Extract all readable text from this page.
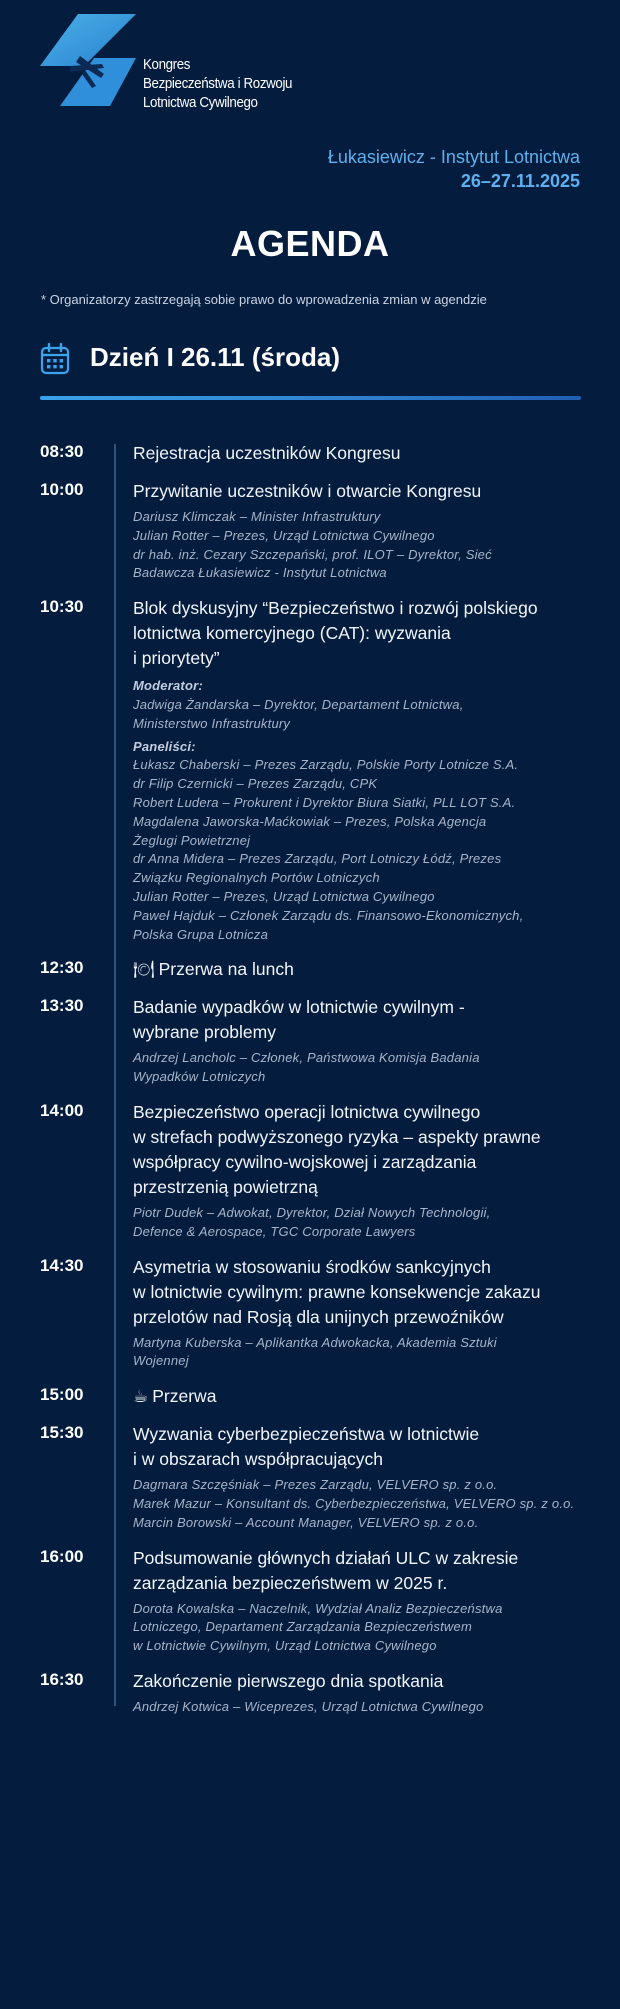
Kongres
Bezpieczeństwa i Rozwoju
Lotnictwa Cywilnego
Łukasiewicz - Instytut Lotnictwa
26–27.11.2025
AGENDA
* Organizatorzy zastrzegają sobie prawo do wprowadzenia zmian w agendzie
Dzień I 26.11 (środa)
08:30	Rejestracja uczestników Kongresu
10:00	Przywitanie uczestników i otwarcie Kongresu
Dariusz Klimczak – Minister Infrastruktury
Julian Rotter – Prezes, Urząd Lotnictwa Cywilnego
dr hab. inż. Cezary Szczepański, prof. ILOT – Dyrektor, Sieć
Badawcza Łukasiewicz - Instytut Lotnictwa
10:30	Blok dyskusyjny “Bezpieczeństwo i rozwój polskiego
lotnictwa komercyjnego (CAT): wyzwania
i priorytety”
Moderator:
Jadwiga Żandarska – Dyrektor, Departament Lotnictwa,
Ministerstwo Infrastruktury
Paneliści:
Łukasz Chaberski – Prezes Zarządu, Polskie Porty Lotnicze S.A.
dr Filip Czernicki – Prezes Zarządu, CPK
Robert Ludera – Prokurent i Dyrektor Biura Siatki, PLL LOT S.A.
Magdalena Jaworska-Maćkowiak – Prezes, Polska Agencja
Żeglugi Powietrznej
dr Anna Midera – Prezes Zarządu, Port Lotniczy Łódź, Prezes
Związku Regionalnych Portów Lotniczych
Julian Rotter – Prezes, Urząd Lotnictwa Cywilnego
Paweł Hajduk – Członek Zarządu ds. Finansowo-Ekonomicznych,
Polska Grupa Lotnicza
12:30	🍽 Przerwa na lunch
13:30	Badanie wypadków w lotnictwie cywilnym -
wybrane problemy
Andrzej Lancholc – Członek, Państwowa Komisja Badania
Wypadków Lotniczych
14:00	Bezpieczeństwo operacji lotnictwa cywilnego
w strefach podwyższonego ryzyka – aspekty prawne
współpracy cywilno-wojskowej i zarządzania
przestrzenią powietrzną
Piotr Dudek – Adwokat, Dyrektor, Dział Nowych Technologii,
Defence & Aerospace, TGC Corporate Lawyers
14:30	Asymetria w stosowaniu środków sankcyjnych
w lotnictwie cywilnym: prawne konsekwencje zakazu
przelotów nad Rosją dla unijnych przewoźników
Martyna Kuberska – Aplikantka Adwokacka, Akademia Sztuki
Wojennej
15:00	☕ Przerwa
15:30	Wyzwania cyberbezpieczeństwa w lotnictwie
i w obszarach współpracujących
Dagmara Szczęśniak – Prezes Zarządu, VELVERO sp. z o.o.
Marek Mazur – Konsultant ds. Cyberbezpieczeństwa, VELVERO sp. z o.o.
Marcin Borowski – Account Manager, VELVERO sp. z o.o.
16:00	Podsumowanie głównych działań ULC w zakresie
zarządzania bezpieczeństwem w 2025 r.
Dorota Kowalska – Naczelnik, Wydział Analiz Bezpieczeństwa
Lotniczego, Departament Zarządzania Bezpieczeństwem
w Lotnictwie Cywilnym, Urząd Lotnictwa Cywilnego
16:30	Zakończenie pierwszego dnia spotkania
Andrzej Kotwica – Wiceprezes, Urząd Lotnictwa Cywilnego
